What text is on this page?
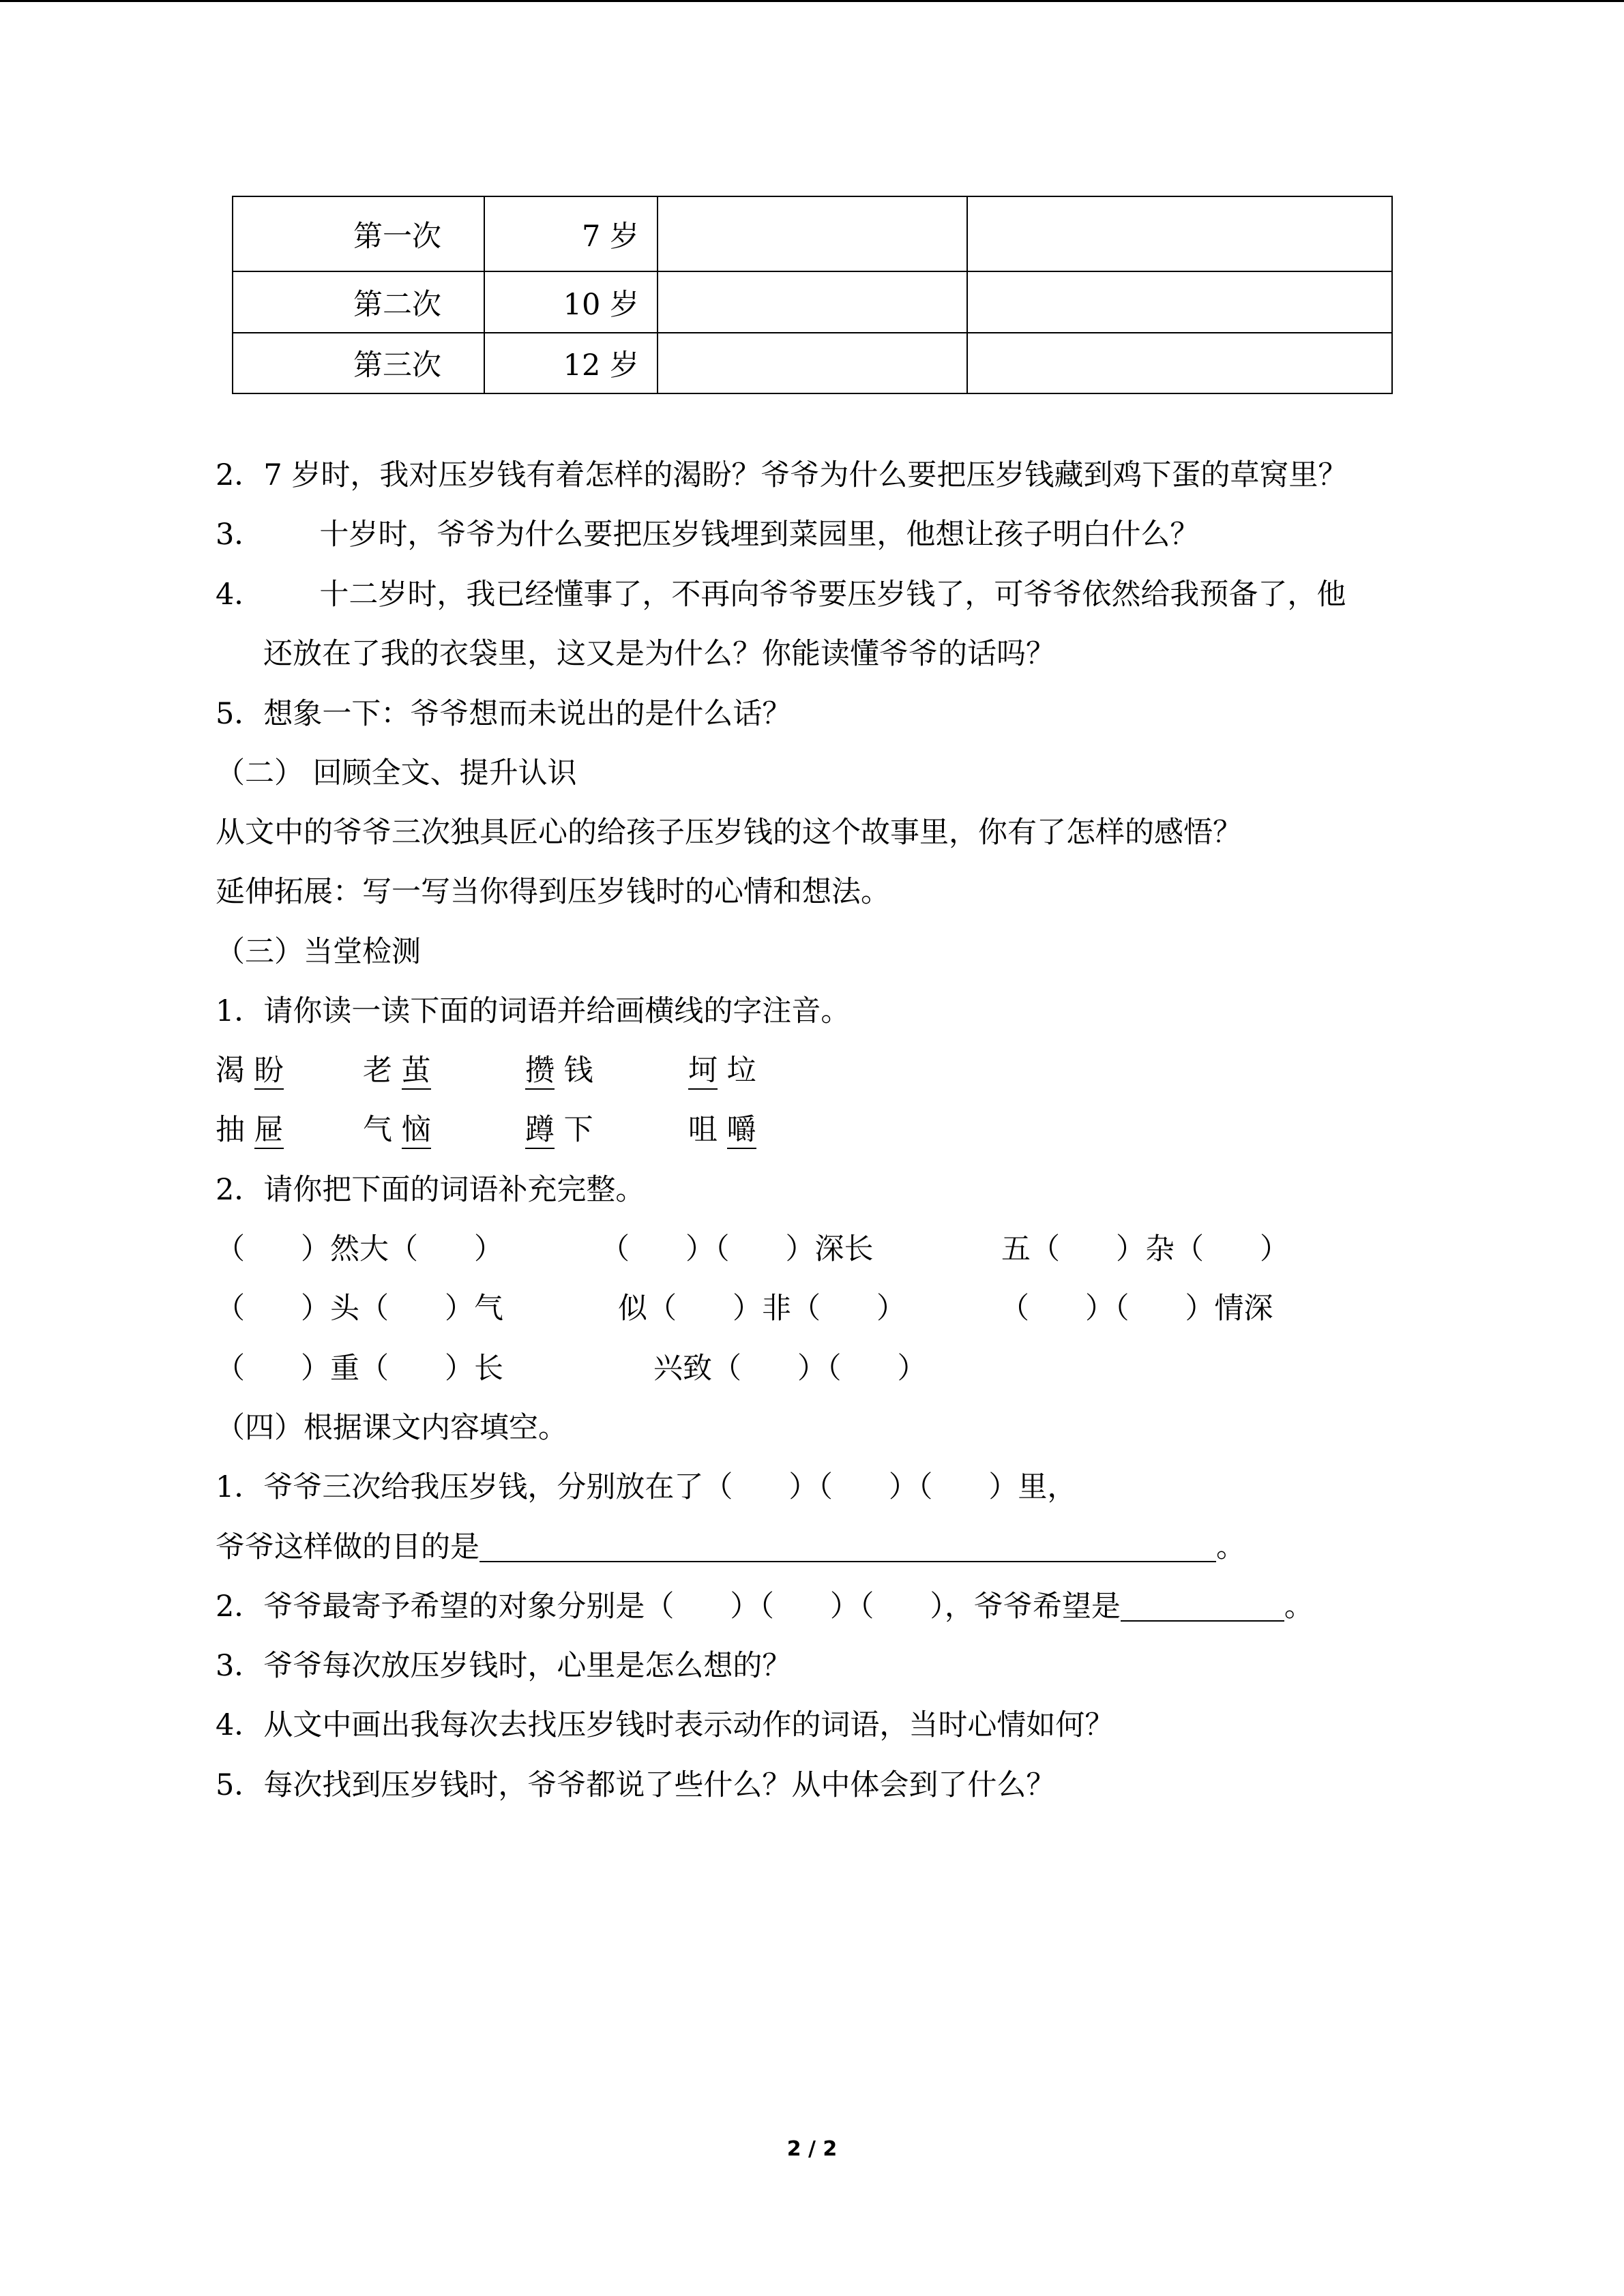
第一次	7 岁		
第二次	10 岁		
第三次	12 岁		
2．7 岁时，我对压岁钱有着怎样的渴盼？爷爷为什么要把压岁钱藏到鸡下蛋的草窝里？
3．      十岁时，爷爷为什么要把压岁钱埋到菜园里，他想让孩子明白什么？
4．      十二岁时，我已经懂事了，不再向爷爷要压岁钱了，可爷爷依然给我预备了，他
还放在了我的衣袋里，这又是为什么？你能读懂爷爷的话吗？
5．想象一下：爷爷想而未说出的是什么话？
（二） 回顾全文、提升认识
从文中的爷爷三次独具匠心的给孩子压岁钱的这个故事里，你有了怎样的感悟？
延伸拓展：写一写当你得到压岁钱时的心情和想法。
（三）当堂检测
1．请你读一读下面的词语并给画横线的字注音。
渴 盼	老 茧	攒 钱	坷 垃
抽 屉	气 恼	蹲 下	咀 嚼
2．请你把下面的词语补充完整。
（      ）然大（      ）	（      ）（      ）深长	五（      ）杂（      ）
（      ）头（      ）气	似（      ）非（      ）	（      ）（      ）情深
（      ）重（      ）长	兴致（      ）（      ）
（四）根据课文内容填空。
1．爷爷三次给我压岁钱，分别放在了（      ）（      ）（      ）里，
爷爷这样做的目的是	。
2．爷爷最寄予希望的对象分别是（      ）（      ）（      ），爷爷希望是	。
3．爷爷每次放压岁钱时，心里是怎么想的？
4．从文中画出我每次去找压岁钱时表示动作的词语，当时心情如何？
5．每次找到压岁钱时，爷爷都说了些什么？从中体会到了什么？
2 / 2
